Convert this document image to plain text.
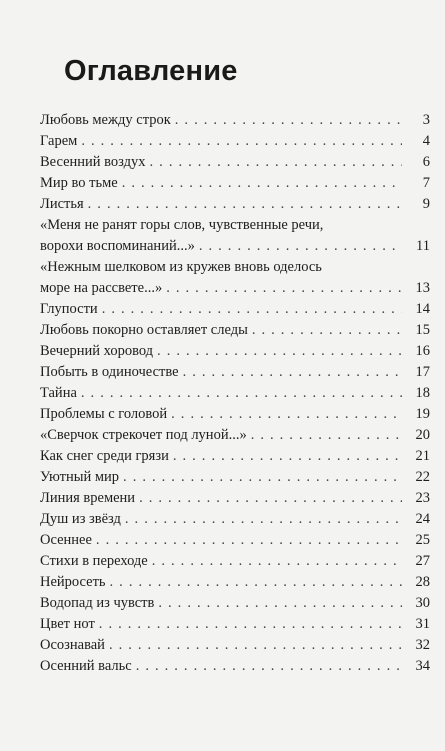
Оглавление
Любовь между строк . . .	3
Гарем . . .	4
Весенний воздух . . .	6
Мир во тьме . . .	7
Листья . . .	9
«Меня не ранят горы слов, чувственные речи,
ворохи воспоминаний...» . . .	11
«Нежным шелковом из кружев вновь оделось
море на рассвете...» . . .	13
Глупости . . .	14
Любовь покорно оставляет следы . . .	15
Вечерний хоровод . . .	16
Побыть в одиночестве . . .	17
Тайна . . .	18
Проблемы с головой . . .	19
«Сверчок стрекочет под луной...» . . .	20
Как снег среди грязи . . .	21
Уютный мир . . .	22
Линия времени . . .	23
Душ из звёзд . . .	24
Осеннее . . .	25
Стихи в переходе . . .	27
Нейросеть . . .	28
Водопад из чувств . . .	30
Цвет нот . . .	31
Осознавай . . .	32
Осенний вальс . . .	34
